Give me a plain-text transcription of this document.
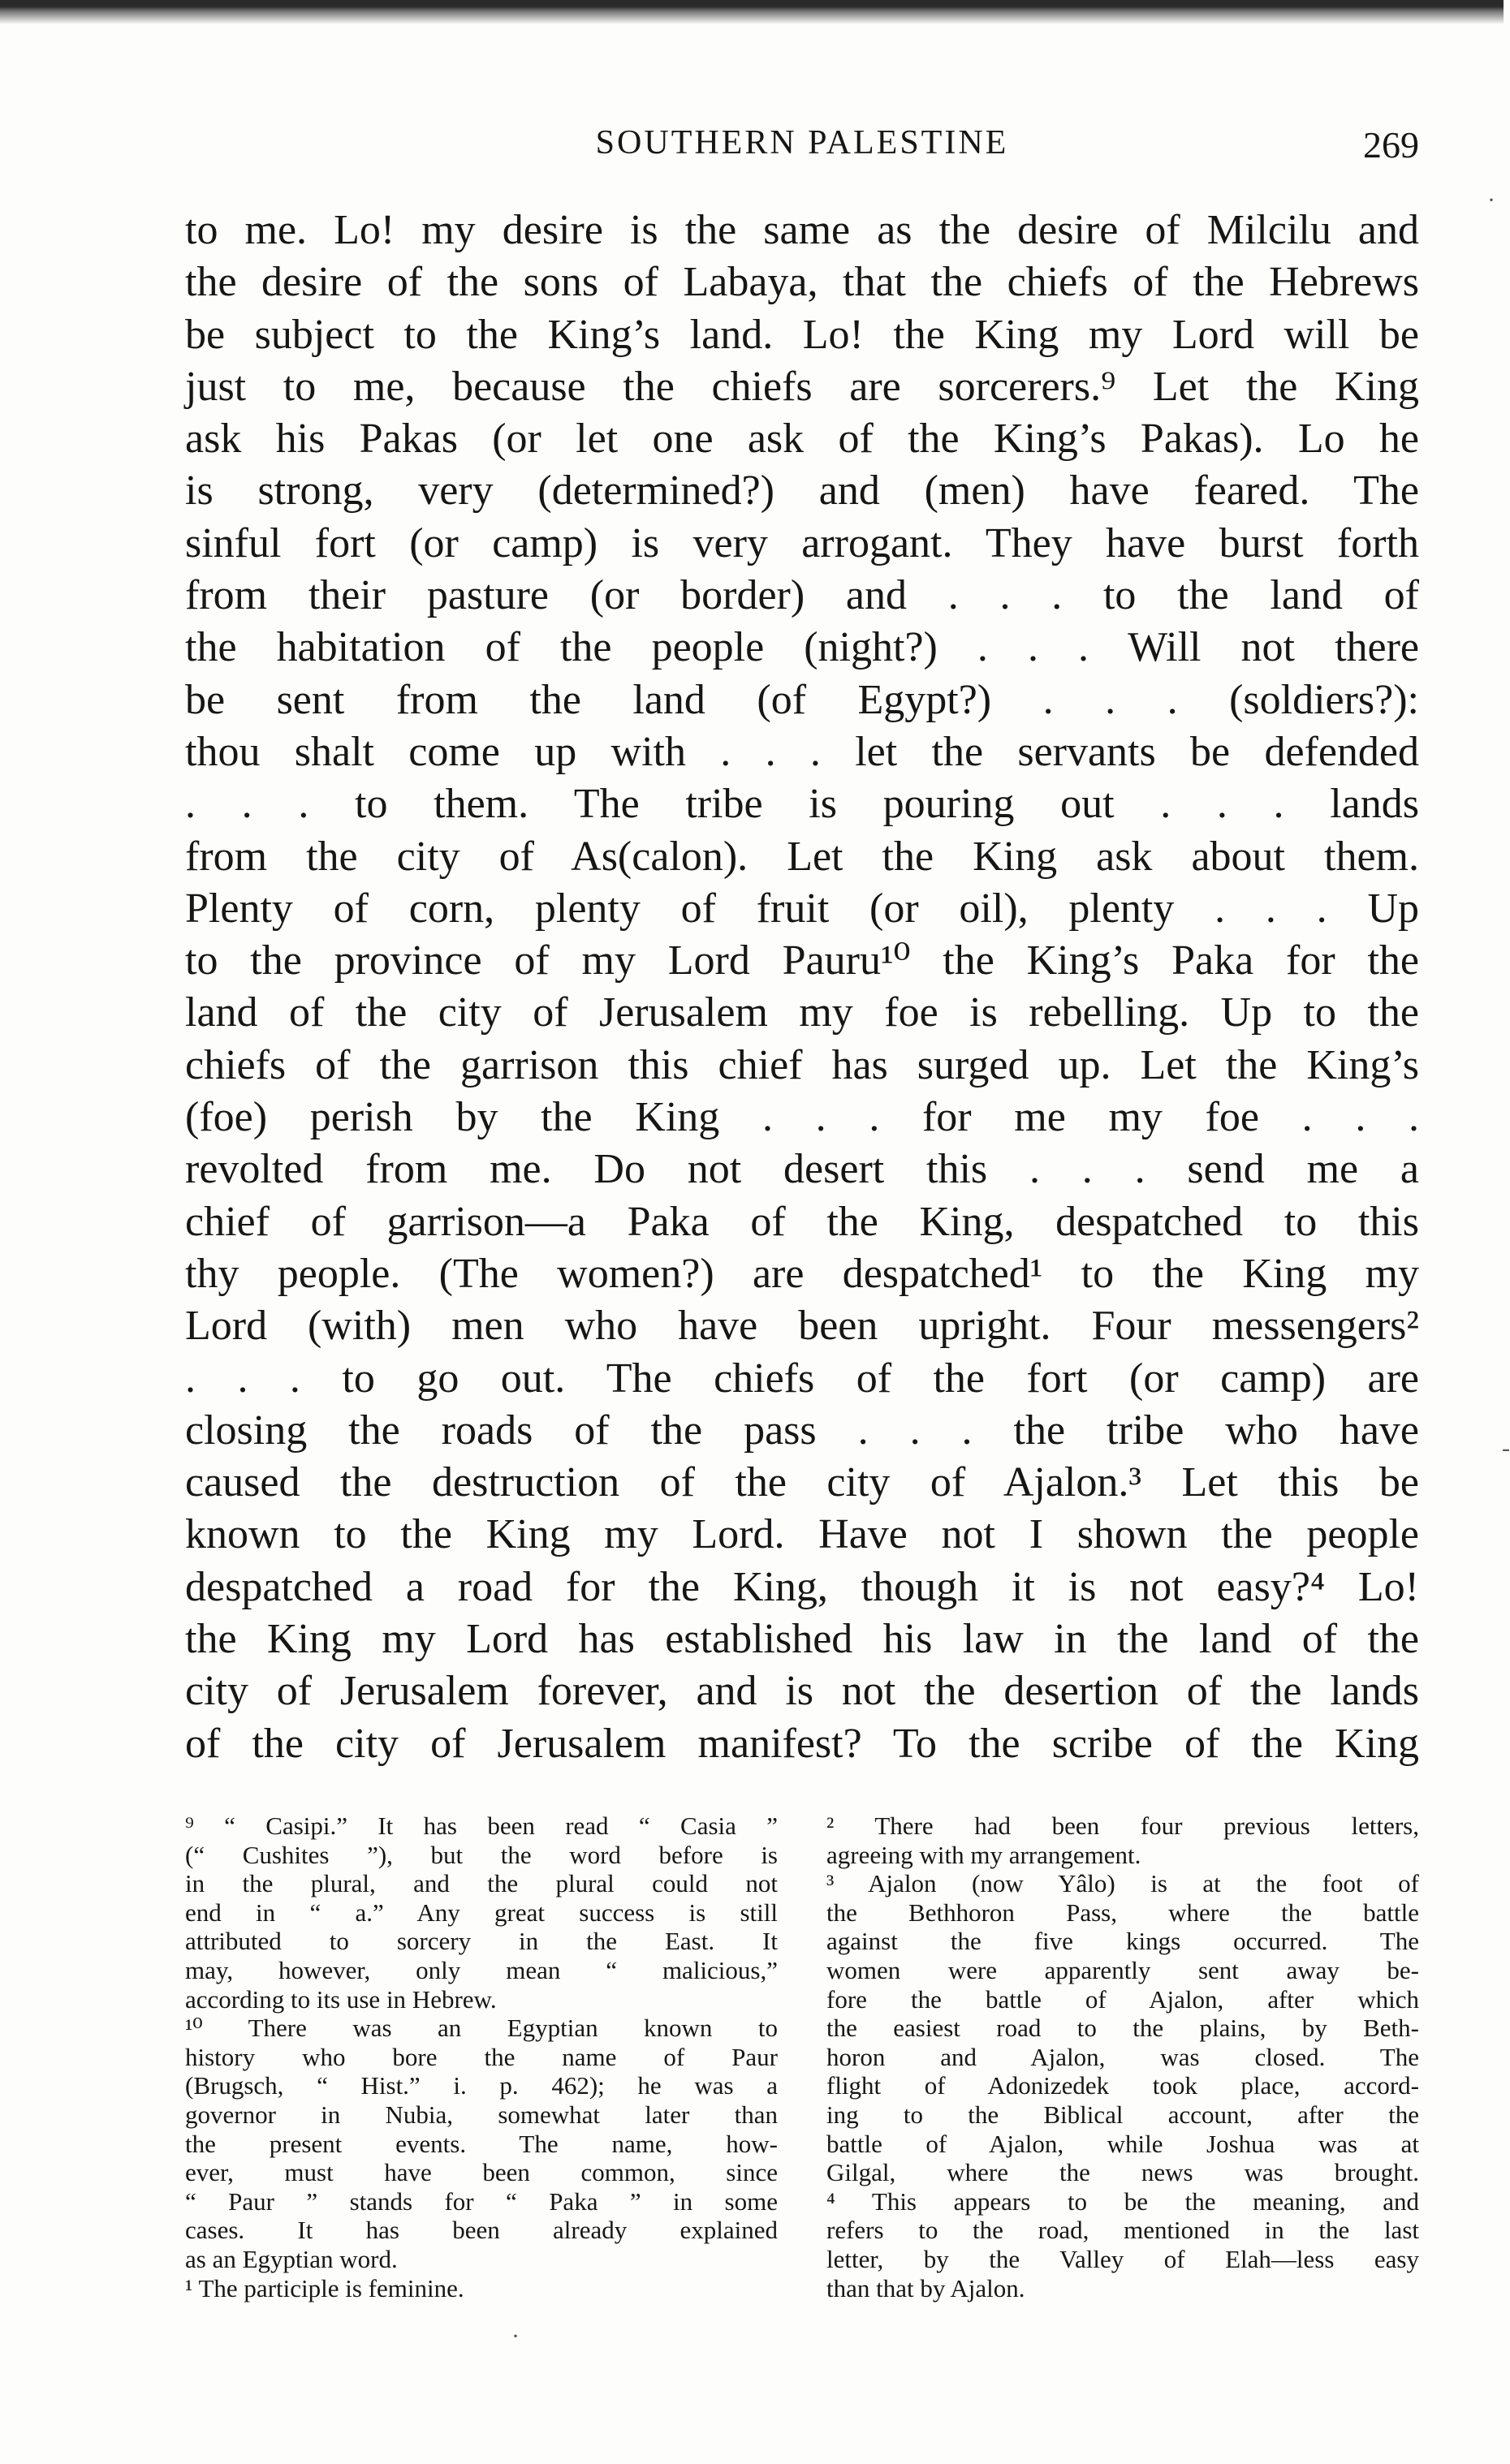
·
-
·
SOUTHERN PALESTINE	269
to me. Lo! my desire is the same as the desire of Milcilu and
the desire of the sons of Labaya, that the chiefs of the Hebrews
be subject to the King’s land. Lo! the King my Lord will be
just to me, because the chiefs are sorcerers.⁹ Let the King
ask his Pakas (or let one ask of the King’s Pakas). Lo he
is strong, very (determined?) and (men) have feared. The
sinful fort (or camp) is very arrogant. They have burst forth
from their pasture (or border) and . . . to the land of
the habitation of the people (night?) . . . Will not there
be sent from the land (of Egypt?) . . . (soldiers?):
thou shalt come up with . . . let the servants be defended
. . . to them. The tribe is pouring out . . . lands
from the city of As(calon). Let the King ask about them.
Plenty of corn, plenty of fruit (or oil), plenty . . . Up
to the province of my Lord Pauru¹⁰ the King’s Paka for the
land of the city of Jerusalem my foe is rebelling. Up to the
chiefs of the garrison this chief has surged up. Let the King’s
(foe) perish by the King . . . for me my foe . . .
revolted from me. Do not desert this . . . send me a
chief of garrison—a Paka of the King, despatched to this
thy people. (The women?) are despatched¹ to the King my
Lord (with) men who have been upright. Four messengers²
. . . to go out. The chiefs of the fort (or camp) are
closing the roads of the pass . . . the tribe who have
caused the destruction of the city of Ajalon.³ Let this be
known to the King my Lord. Have not I shown the people
despatched a road for the King, though it is not easy?⁴ Lo!
the King my Lord has established his law in the land of the
city of Jerusalem forever, and is not the desertion of the lands
of the city of Jerusalem manifest? To the scribe of the King
⁹ “ Casipi.” It has been read “ Casia ”
(“ Cushites ”), but the word before is
in the plural, and the plural could not
end in “ a.” Any great success is still
attributed to sorcery in the East. It
may, however, only mean “ malicious,”
according to its use in Hebrew.
¹⁰ There was an Egyptian known to
history who bore the name of Paur
(Brugsch, “ Hist.” i. p. 462); he was a
governor in Nubia, somewhat later than
the present events. The name, how-
ever, must have been common, since
“ Paur ” stands for “ Paka ” in some
cases. It has been already explained
as an Egyptian word.
¹ The participle is feminine.
² There had been four previous letters,
agreeing with my arrangement.
³ Ajalon (now Yâlo) is at the foot of
the Bethhoron Pass, where the battle
against the five kings occurred. The
women were apparently sent away be-
fore the battle of Ajalon, after which
the easiest road to the plains, by Beth-
horon and Ajalon, was closed. The
flight of Adonizedek took place, accord-
ing to the Biblical account, after the
battle of Ajalon, while Joshua was at
Gilgal, where the news was brought.
⁴ This appears to be the meaning, and
refers to the road, mentioned in the last
letter, by the Valley of Elah—less easy
than that by Ajalon.
